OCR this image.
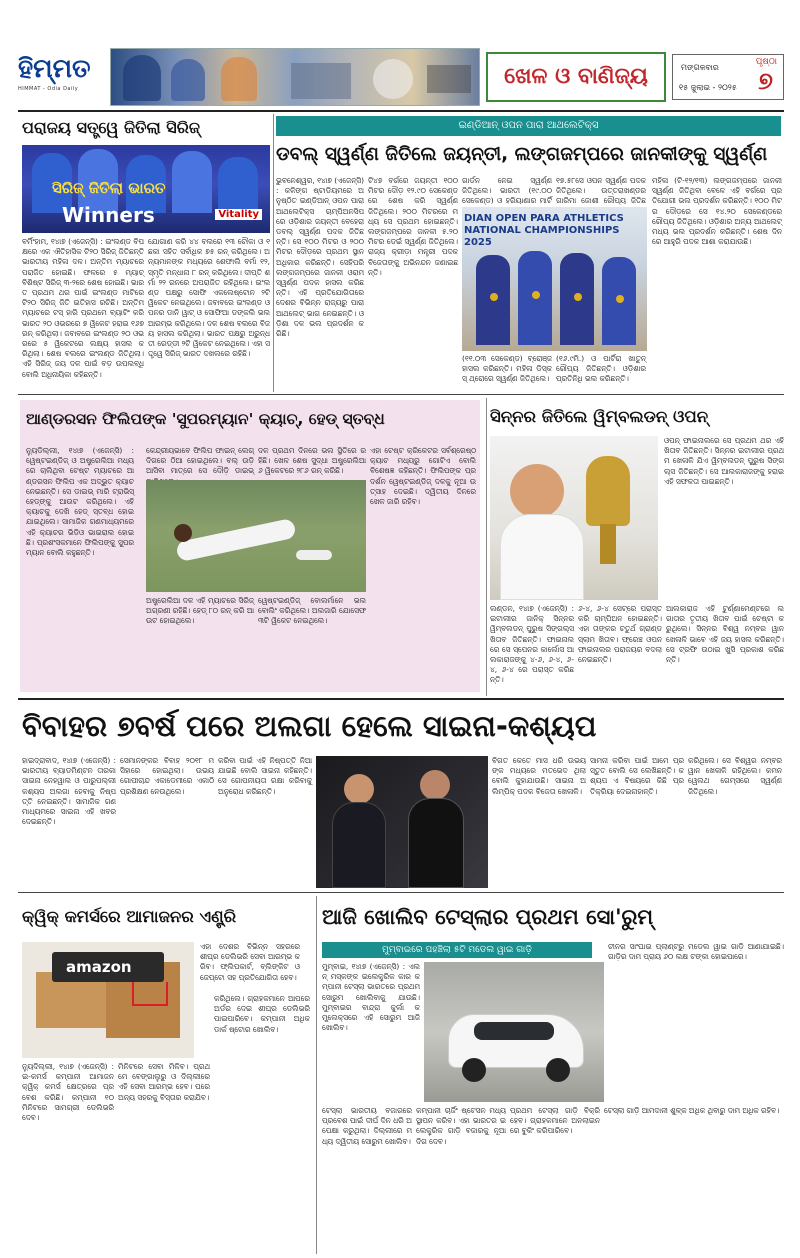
ହିମ୍ମତ
HIMMAT - Odia Daily	ଖେଳ ଓ ବାଣିଜ୍ୟ	ମଙ୍ଗଳବାର
୧୫ ଜୁଲାଇ - ୨୦୨୫
ପୃଷ୍ଠା
୭
ପରାଜୟ ସତ୍ତ୍ୱେ ଜିତିଲା ସିରିଜ୍
ସିରିଜ୍ ଜିତିଲା ଭାରତ
Winners	Vitality
ବର୍ମିଂହାମ, ୧୪ା୭ (ଏଜେନ୍ସି) : ଇଂଲଣ୍ଡ ବିପକ୍ଷରେ ଏକ ଐତିହାସିକ ଟି୨୦ ସିରିଜ୍ ଜିତିଛନ୍ତି ଭାରତୀୟ ମହିଳା ଦଳ। ଅନ୍ତିମ ମ୍ୟାଚରେ ପରାଜିତ ହୋଇଛି। ଫଳରେ ୫ ମ୍ୟାଚ୍ ବିଶିଷ୍ଟ ସିରିଜ୍ ୩-୨ରେ ଶେଷ ହୋଇଛି। ଭାରତ ପ୍ରଥମ ଥର ପାଇଁ ଇଂଲଣ୍ଡ ମାଟିରେ ଟି୨୦ ସିରିଜ୍ ଜିତି ଇତିହାସ ରଚିଛି। ଅନ୍ତିମ ମ୍ୟାଚରେ ଟସ୍ ହାରି ପ୍ରଥମେ ବ୍ୟାଟିଂ କରି ଭାରତ ୨୦ ଓଭରରେ ୭ ୱିକେଟ ହରାଇ ୧୬୭ ରନ୍ କରିଥିଲା। ଜବାବରେ ଇଂଲଣ୍ଡ ୨୦ ଓଭରରେ ୫ ୱିକେଟରେ ଲକ୍ଷ୍ୟ ହାସଲ କରିଥିଲା। ଶେଷ ବଲରେ ଇଂଲଣ୍ଡ ଜିତିଥିଲା। ଏହି ସିରିଜ୍ ଜୟ ଦଳ ପାଇଁ ବଡ଼ ଉପଲବ୍ଧି ବୋଲି ଅଧିନାୟିକା କହିଛନ୍ତି।
ଯୋଗାଣ କରି ୪୪ ବଲରେ ୧୩ ଚୌକା ଓ ୧ ଛକା ସହିତ ସର୍ବାଧିକ ୭୫ ରନ୍ କରିଥିଲେ। ଅନ୍ୟମାନଙ୍କ ମଧ୍ୟରେ ଶେଫାଲି ବର୍ମା ୧୨, ସ୍ମୃତି ମନ୍ଧାନା ୮ ରନ୍ କରିଥିଲେ। ଦୀପ୍ତି ଶର୍ମା ୨୨ ରନରେ ଅପରାଜିତ ରହିଥିଲେ। ଇଂଲଣ୍ଡ ପକ୍ଷରୁ ସୋଫି ଏକଲେଷ୍ଟୋନ ୨ଟି ୱିକେଟ ନେଇଥିଲେ। ଜବାବରେ ଇଂଲଣ୍ଡ ଓପନର ଡାନି ୱାଟ୍ ଓ ସୋଫିଆ ଡଙ୍କଲି ଭଲ ଆରମ୍ଭ କରିଥିଲେ। ଦଳ ଶେଷ ବଲରେ ବିଜୟ ହାସଲ କରିଥିଲା। ଭାରତ ପକ୍ଷରୁ ଅରୁନ୍ଧତୀ ରେଡ୍ଡୀ ୨ଟି ୱିକେଟ ନେଇଥିଲେ। ଏହା ସତ୍ତ୍ୱେ ସିରିଜ୍ ଭାରତ ଦଖଲରେ ରହିଛି।
ଇଣ୍ଡିଆନ୍ ଓପନ ପାରା ଆଥଲେଟିକ୍ସ
ଡବଲ୍ ସ୍ୱର୍ଣ୍ଣ ଜିତିଲେ ଜୟନ୍ତୀ, ଲଙ୍ଗଜମ୍ପରେ ଜାନକୀଙ୍କୁ ସ୍ୱର୍ଣ୍ଣ
ଭୁବନେଶ୍ୱର, ୧୪ା୭ (ଏଜେନ୍ସି) : କଳିଙ୍ଗ ଷ୍ଟାଡିୟମରେ ଅନୁଷ୍ଠିତ ଇଣ୍ଡିଆନ୍ ଓପନ ପାରା ଆଥଲେଟିକ୍ସ ଚାମ୍ପିଅନସିପରେ ଓଡ଼ିଶାର ଜୟନ୍ତୀ ବେହେରା ଡବଲ୍ ସ୍ୱର୍ଣ୍ଣ ପଦକ ଜିତିଛନ୍ତି। ସେ ୧୦୦ ମିଟର ଓ ୨୦୦ ମିଟର ଦୌଡ଼ରେ ପ୍ରଥମ ସ୍ଥାନ ଅଧିକାର କରିଛନ୍ତି। ସେହିପରି ଲଙ୍ଗଜମ୍ପରେ ଜାନକୀ ଓରାମ ସ୍ୱର୍ଣ୍ଣ ପଦକ ହାସଲ କରିଛନ୍ତି। ଏହି ପ୍ରତିଯୋଗିତାରେ ଦେଶର ବିଭିନ୍ନ ରାଜ୍ୟରୁ ପାରା ଆଥଲେଟ୍ ଭାଗ ନେଇଛନ୍ତି। ଓଡ଼ିଶା ଦଳ ଭଲ ପ୍ରଦର୍ଶନ କରିଛି।
ଟି୪୭ ବର୍ଗରେ ଜୟନ୍ତୀ ୧୦୦ ମିଟର ଦୌଡ଼ ୧୨.୯୦ ସେକେଣ୍ଡରେ ଶେଷ କରି ସ୍ୱର୍ଣ୍ଣ ଜିତିଥିଲେ। ୨୦୦ ମିଟରରେ ମଧ୍ୟ ସେ ପ୍ରଥମ ହୋଇଛନ୍ତି। ଲଙ୍ଗଜମ୍ପରେ ଜାନକୀ ୫.୨୦ ମିଟର ଡେଇଁ ସ୍ୱର୍ଣ୍ଣ ଜିତିଥିଲେ। ରାଜ୍ୟ କ୍ରୀଡ଼ା ମନ୍ତ୍ରୀ ପଦକ ବିଜେତାଙ୍କୁ ଅଭିନନ୍ଦନ ଜଣାଇଛନ୍ତି।
ଗାର୍ଡନ ନେଇ ସ୍ୱର୍ଣ୍ଣ ଜିତିଥିଲେ। ଭାରତୀ (୧୯.୦୦ ସେକେଣ୍ଡ) ଓ ହରିୟାଣାର ମାର୍ଟି
୧୭.୫୮ସେ ଓପନ ସ୍ୱର୍ଣ୍ଣ ପଦକ ଜିତିଥିଲେ। ଉତ୍ତରାଖଣ୍ଡର ଗାରିମା ଜୋଶୀ ରୌପ୍ୟ ଜିତିଛ
DIAN OPEN PARA ATHLETICS NATIONAL CHAMPIONSHIPS 2025
(୧୧.୦୩ ସେକେଣ୍ଡ) ବ୍ରୋଞ୍ଜ ହାସଲ କରିଛନ୍ତି। ମହିଳା ଡିସ୍କସ୍ ଥ୍ରୋରେ ସ୍ୱର୍ଣ୍ଣ ଜିତିଥିଲେ।
(୧୬.୯ମି.) ଓ ପାର୍ଟିରା ଖାତୁନ୍ ରୌପ୍ୟ ଜିତିଛନ୍ତି। ଓଡ଼ିଶାର ପ୍ରତିନିଧି ଭଲ କରିଛନ୍ତି।
ମହିଳା (ଟି-୧୨/୧୩) ଲଙ୍ଗଜମ୍ପରେ ଜାନକୀ ସ୍ୱର୍ଣ୍ଣ ଜିତିଥିବା ବେଳେ ଏହି ବର୍ଗରେ ପ୍ରତିଯୋଗୀ ଭଲ ପ୍ରଦର୍ଶନ କରିଛନ୍ତି। ୧୦୦ ମିଟର ଦୌଡ଼ରେ ସେ ୧୪.୨୦ ସେକେଣ୍ଡରେ ରୌପ୍ୟ ଜିତିଥିଲେ। ଓଡ଼ିଶାର ଅନ୍ୟ ଆଥଲେଟ୍ ମଧ୍ୟ ଭଲ ପ୍ରଦର୍ଶନ କରିଛନ୍ତି। ଶେଷ ଦିନରେ ଆହୁରି ପଦକ ଆଶା କରାଯାଉଛି।
ଆଣ୍ଡରସନ ଫିଲିପଙ୍କ 'ସୁପରମ୍ୟାନ' କ୍ୟାଚ୍, ହେଡ୍ ସ୍ତବ୍ଧ
ନ୍ୟୁଡିଲ୍ଲୀ, ୧୪ା୭ (ଏଜେନ୍ସି) : ୱେଷ୍ଟଇଣ୍ଡିଜ୍ ଓ ଅଷ୍ଟ୍ରେଲିଆ ମଧ୍ୟରେ ଚାଲିଥିବା ଟେଷ୍ଟ ମ୍ୟାଚରେ ଆଣ୍ଡରସନ ଫିଲିପ ଏକ ଅଦ୍ଭୁତ କ୍ୟାଚ ନେଇଛନ୍ତି। ସେ ଡାଇଭ୍ ମାରି ଟ୍ରାଭିସ୍ ହେଡ୍ଙ୍କୁ ଆଉଟ କରିଥିଲେ। ଏହି କ୍ୟାଚକୁ ଦେଖି ହେଡ୍ ସ୍ତବ୍ଧ ହୋଇଯାଇଥିଲେ। ସାମାଜିକ ଗଣମାଧ୍ୟମରେ ଏହି କ୍ୟାଚର ଭିଡିଓ ଭାଇରାଲ ହୋଇଛି। ପ୍ରଶଂସକମାନେ ଫିଲିପଙ୍କୁ ସୁପରମ୍ୟାନ ବୋଲି କହୁଛନ୍ତି।
କେନ୍ଦ୍ରୀୟଭାବେ ଫିଲିପ ଫାଇନ୍ ଲେଗ୍ ଦିଗରେ ଠିଆ ହୋଇଥିଲେ। ବଲ୍ ଉଡ଼ି ଆସିବା ମାତ୍ରେ ସେ ଦୌଡ଼ି ଡାଇଭ୍
ଦଳ ପ୍ରଥମ ଦିନରେ ଭଲ ସ୍ଥିତିରେ ରହିଛି। ଖେଳ ଶେଷ ସୁଦ୍ଧା ଅଷ୍ଟ୍ରେଲିଆ ୬ ୱିକେଟରେ ୨୮୬ ରନ୍ କରିଛି।
ଏହା ଟେଷ୍ଟ କ୍ରିକେଟର ସର୍ବଶ୍ରେଷ୍ଠ କ୍ୟାଚ ମଧ୍ୟରୁ ଗୋଟିଏ ବୋଲି ବିଶେଷଜ୍ଞ କହିଛନ୍ତି। ଫିଲିପଙ୍କ ପ୍ରଦର୍ଶନ ୱେଷ୍ଟଇଣ୍ଡିଜ୍ ଦଳକୁ ନୂଆ ଉତ୍ସାହ ଦେଇଛି। ଦ୍ୱିତୀୟ ଦିନରେ ଖେଳ ଜାରି ରହିବ।
ଅଷ୍ଟ୍ରେଲିଆ ଦଳ ଏହି ମ୍ୟାଚରେ ସିରିଜ୍ ଅଗ୍ରଣୀ ରହିଛି। ହେଡ୍ ୮୦ ରନ୍ କରି ଆଉଟ ହୋଇଥିଲେ।
ୱେଷ୍ଟଇଣ୍ଡିଜ୍ ବୋଲର୍ମାନେ ଭଲ ବୋଲିଂ କରିଥିଲେ। ଅଲଜାରି ଯୋସେଫ ୩ଟି ୱିକେଟ ନେଇଥିଲେ।
ସିନ୍ନର ଜିତିଲେ ୱିମ୍ବଲଡନ୍ ଓପନ୍
ଓପନ୍ ଫାଇନାଲରେ ସେ ପ୍ରଥମ ଥର ଏହି ଖିତାବ ଜିତିଛନ୍ତି। ସିନ୍ନର ଇଟାଲୀର ପ୍ରଥମ ଖେଳାଳି ଯିଏ ୱିମ୍ବଲଡନ୍ ପୁରୁଷ ସିଙ୍ଗଲ୍ସ ଜିତିଛନ୍ତି। ସେ ଆଲକାରାଜଙ୍କୁ ହରାଇ ଏହି ସଫଳତା ପାଇଛନ୍ତି।
ଲଣ୍ଡନ, ୧୪ା୭ (ଏଜେନ୍ସି) : ଇଟାଲୀର ଜାନିକ୍ ସିନ୍ନର ୱିମ୍ବଲଡନ୍ ପୁରୁଷ ସିଙ୍ଗଲ୍ସ ଖିତାବ ଜିତିଛନ୍ତି। ଫାଇନାଲରେ ସେ ସ୍ପେନର କାର୍ଲୋସ ଆଲକାରାଜଙ୍କୁ ୪-୬, ୬-୪, ୬-୪, ୬-୪ ରେ ପରାସ୍ତ କରିଛନ୍ତି।
୬-୪, ୬-୪ ସେଟ୍ରେ ପରାସ୍ତ କରି ଚାମ୍ପିଅନ ହୋଇଛନ୍ତି। ଏହା ତାଙ୍କର ଚତୁର୍ଥ ଗ୍ରାଣ୍ଡସ୍ଲାମ ଖିତାବ। ଫ୍ରେଞ୍ଚ ଓପନ ଫାଇନାଲର ପରାଜୟର ବଦଲା ନେଇଛନ୍ତି।
ଆଲକାରାଜ ଏହି ଟୁର୍ଣ୍ଣାମେଣ୍ଟରେ ଲଗାତାର ତୃତୀୟ ଖିତାବ ପାଇଁ ଚେଷ୍ଟା କରୁଥିଲେ। ସିନ୍ନର ବିଶ୍ୱ ନମ୍ବର ୱାନ ଖେଳାଳି ଭାବେ ଏହି ଜୟ ହାସଲ କରିଛନ୍ତି। ସେ ଟ୍ରଫି ଉଠାଇ ଖୁସି ପ୍ରକାଶ କରିଛନ୍ତି।
ବିବାହର ୭ବର୍ଷ ପରେ ଅଲଗା ହେଲେ ସାଇନା-କଶ୍ୟପ
ହାଇଦ୍ରାବାଦ, ୧୪ା୭ (ଏଜେନ୍ସି) : ଭାରତୀୟ ବ୍ୟାଡମିଣ୍ଟନ ତାରକା ସାଇନା ନେହୱାଲ ଓ ପାରୁପଲ୍ଲୀ କଶ୍ୟପ ଅଲଗା ହେବାକୁ ନିଷ୍ପତ୍ତି ନେଇଛନ୍ତି। ସାମାଜିକ ଗଣମାଧ୍ୟମରେ ସାଇନା ଏହି ଖବର ଦେଇଛନ୍ତି।
ସେମାନଙ୍କର ବିବାହ ୨୦୧୮ ମସିହାରେ ହୋଇଥିଲା। ଉଭୟ ଗୋପୀଚାନ୍ଦ ଏକାଡେମୀରେ ଏକାଠି ପ୍ରଶିକ୍ଷଣ ନେଉଥିଲେ।
କରିବା ପାଇଁ ଏହି ନିଷ୍ପତ୍ତି ନିଆଯାଇଛି ବୋଲି ସାଇନା କହିଛନ୍ତି। ସେ ଗୋପନୀୟତା ରକ୍ଷା କରିବାକୁ ଅନୁରୋଧ କରିଛନ୍ତି।
ବିଗତ କେତେ ମାସ ଧରି ଉଭୟଙ୍କ ମଧ୍ୟରେ ମତଭେଦ ଥିଲା ବୋଲି କୁହାଯାଉଛି। ସାଇନା ଅଲିମ୍ପିକ୍ ପଦକ ବିଜେତା ଖେଳାଳି।
ସାମନା କରିବା ପାଇଁ ଆମେ ପ୍ରସ୍ତୁତ ବୋଲି ସେ ଲେଖିଛନ୍ତି। କଶ୍ୟପ ଏ ବିଷୟରେ କିଛି ପ୍ରତିକ୍ରିୟା ଦେଇନାହାନ୍ତି।
କରିଥିଲେ। ସେ ବିଶ୍ୱର ନମ୍ବର ୱାନ ଖେଳାଳି ରହିଥିଲେ। କମନୱେଲଥ ଗେମ୍ସରେ ସ୍ୱର୍ଣ୍ଣ ଜିତିଥିଲେ।
କ୍ୱିକ୍ କମର୍ସରେ ଆମାଜନର ଏଣ୍ଟ୍ରି
ଏହା ଦେଶର ବିଭିନ୍ନ ସହରରେ ଶୀଘ୍ର ଡେଲିଭରି ସେବା ଆରମ୍ଭ କରିବ। ଫ୍ଲିପକାର୍ଟ, ବ୍ଲିଙ୍କିଟ ଓ ଜେପ୍ଟୋ ସହ ପ୍ରତିଯୋଗିତା ହେବ।
amazon
ନ୍ୟୁଦିଲ୍ଲୀ, ୧୪ା୭ (ଏଜେନ୍ସି) : ଇ-କମର୍ସ କମ୍ପାନୀ ଆମାଜନ କ୍ୱିକ୍ କମର୍ସ କ୍ଷେତ୍ରରେ ପ୍ରବେଶ କରିଛି। କମ୍ପାନୀ ୧୦ ମିନିଟରେ ସାମଗ୍ରୀ ଡେଲିଭରି ଦେବ।
ମିନିଟରେ ସେବା ମିଳିବ। ପ୍ରଥମେ ବେଙ୍ଗାଲୁରୁ ଓ ଦିଲ୍ଲୀରେ ଏହି ସେବା ଆରମ୍ଭ ହେବ। ପରେ ଅନ୍ୟ ସହରକୁ ବିସ୍ତାର କରାଯିବ।
କରିଥିଲେ। ଗ୍ରାହକମାନେ ଆପରେ ଅର୍ଡର ଦେଇ ଶୀଘ୍ର ଡେଲିଭରି ପାଇପାରିବେ। କମ୍ପାନୀ ଅଧିକ ଡାର୍କ ଷ୍ଟୋର ଖୋଲିବ।
ଆଜି ଖୋଲିବ ଟେସ୍‌ଲାର ପ୍ରଥମ ସୋ'ରୁମ୍
ମୁମ୍ବାଇରେ ପହଞ୍ଚିଲା ୫ଟି ମଡେଲ ୱାଇ ଗାଡ଼ି
ମୁମ୍ବାଇ, ୧୪ା୭ (ଏଜେନ୍ସି) : ଏଲନ୍ ମସ୍କଙ୍କ ଇଲେକ୍ଟ୍ରିକ କାର କମ୍ପାନୀ ଟେସ୍ଲା ଭାରତରେ ପ୍ରଥମ ସୋରୁମ ଖୋଲିବାକୁ ଯାଉଛି। ମୁମ୍ବାଇର ବାନ୍ଦ୍ରା କୁର୍ଲା କମ୍ପ୍ଲେକ୍ସରେ ଏହି ସୋରୁମ ଆଜି ଖୋଲିବ।
ଚୀନର ସାଂଘାଇ ପ୍ଲାଣ୍ଟରୁ ମଡେଲ ୱାଇ ଗାଡ଼ି ଆଣାଯାଇଛି। ଗାଡ଼ିର ଦାମ ପ୍ରାୟ ୬୦ ଲକ୍ଷ ଟଙ୍କା ହୋଇପାରେ।
ଟେସ୍ଲା ଭାରତୀୟ ବଜାରରେ ପ୍ରବେଶ ପାଇଁ ଦୀର୍ଘ ଦିନ ଧରି ଅପେକ୍ଷା କରୁଥିଲା। ଦିଲ୍ଲୀରେ ମଧ୍ୟ ଦ୍ୱିତୀୟ ସୋରୁମ ଖୋଲିବ।
କମ୍ପାନୀ ଚାର୍ଜିଂ ଷ୍ଟେସନ ମଧ୍ୟ ସ୍ଥାପନ କରିବ। ଏହା ଭାରତର ଇଲେକ୍ଟ୍ରିକ ଗାଡ଼ି ବଜାରକୁ ନୂଆ ଦିଗ ଦେବ।
ପ୍ରଥମ ଟେସ୍ଲା ଗାଡ଼ି ବିକ୍ରି ହେବ। ଗ୍ରାହକମାନେ ଅନଲାଇନରେ ବୁକିଂ କରିପାରିବେ।
ଟେସ୍ଲା ଗାଡ଼ି ଆମଦାନୀ ଶୁଳ୍କ ଅଧିକ ଥିବାରୁ ଦାମ ଅଧିକ ରହିବ।
